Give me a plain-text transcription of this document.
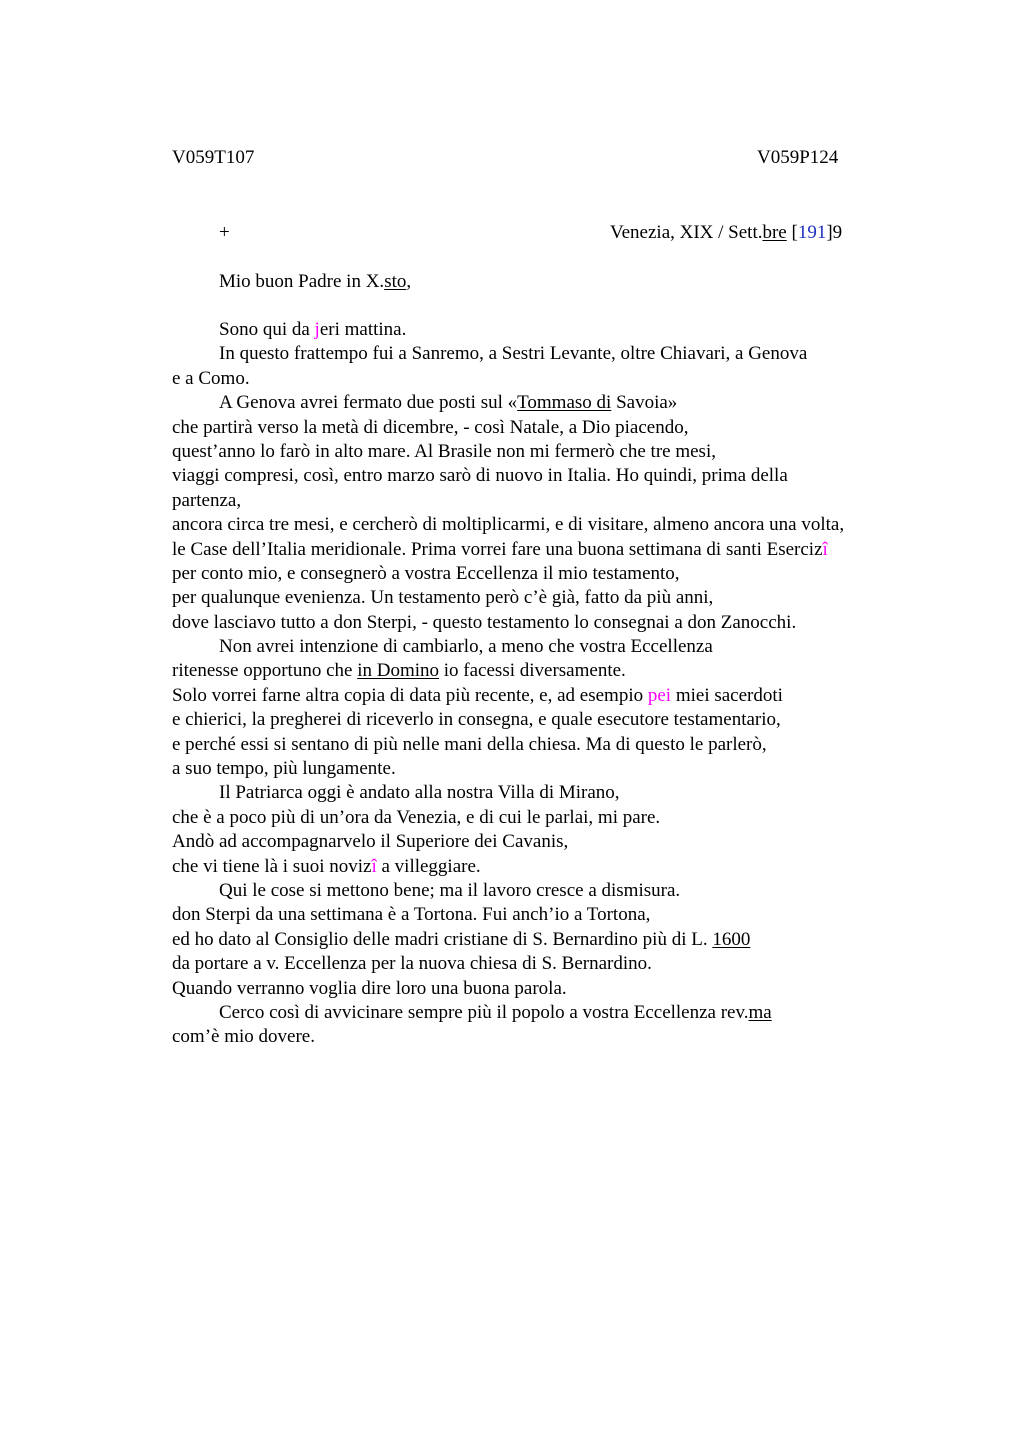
V059T107	V059P124
+	Venezia, XIX / Sett.bre [191]9
Mio buon Padre in X.sto,
Sono qui da jeri mattina.
In questo frattempo fui a Sanremo, a Sestri Levante, oltre Chiavari, a Genova
e a Como.
A Genova avrei fermato due posti sul «Tommaso di Savoia»
che partirà verso la metà di dicembre, - così Natale, a Dio piacendo,
quest’anno lo farò in alto mare. Al Brasile non mi fermerò che tre mesi,
viaggi compresi, così, entro marzo sarò di nuovo in Italia. Ho quindi, prima della
partenza,
ancora circa tre mesi, e cercherò di moltiplicarmi, e di visitare, almeno ancora una volta,
le Case dell’Italia meridionale. Prima vorrei fare una buona settimana di santi Esercizî
per conto mio, e consegnerò a vostra Eccellenza il mio testamento,
per qualunque evenienza. Un testamento però c’è già, fatto da più anni,
dove lasciavo tutto a don Sterpi, - questo testamento lo consegnai a don Zanocchi.
Non avrei intenzione di cambiarlo, a meno che vostra Eccellenza
ritenesse opportuno che in Domino io facessi diversamente.
Solo vorrei farne altra copia di data più recente, e, ad esempio pei miei sacerdoti
e chierici, la pregherei di riceverlo in consegna, e quale esecutore testamentario,
e perché essi si sentano di più nelle mani della chiesa. Ma di questo le parlerò,
a suo tempo, più lungamente.
Il Patriarca oggi è andato alla nostra Villa di Mirano,
che è a poco più di un’ora da Venezia, e di cui le parlai, mi pare.
Andò ad accompagnarvelo il Superiore dei Cavanis,
che vi tiene là i suoi novizî a villeggiare.
Qui le cose si mettono bene; ma il lavoro cresce a dismisura.
don Sterpi da una settimana è a Tortona. Fui anch’io a Tortona,
ed ho dato al Consiglio delle madri cristiane di S. Bernardino più di L. 1600
da portare a v. Eccellenza per la nuova chiesa di S. Bernardino.
Quando verranno voglia dire loro una buona parola.
Cerco così di avvicinare sempre più il popolo a vostra Eccellenza rev.ma
com’è mio dovere.
